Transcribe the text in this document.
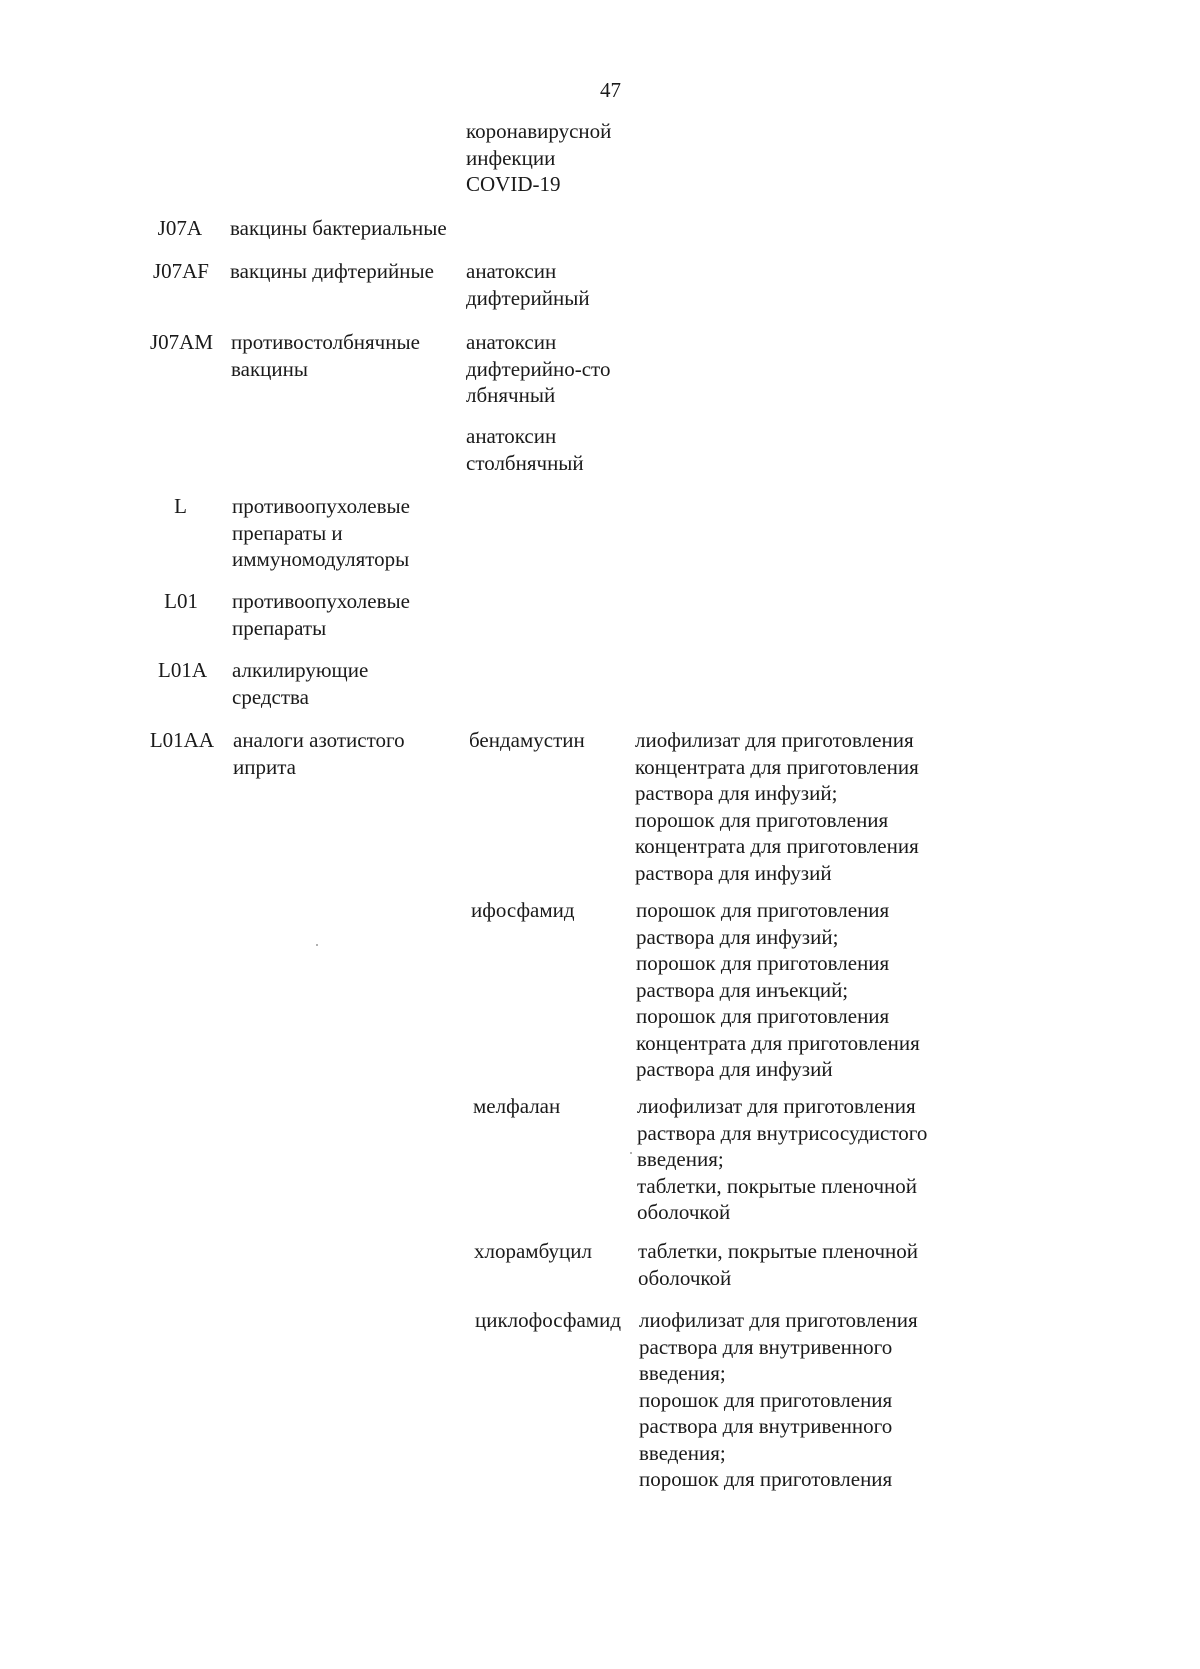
47
коронавирусной
инфекции
COVID-19
J07A вакцины бактериальные
J07AF вакцины дифтерийные анатоксин
дифтерийный
J07AM противостолбнячные
вакцины
анатоксин
дифтерийно-сто
лбнячный
анатоксин
столбнячный
L противоопухолевые
препараты и
иммуномодуляторы
L01 противоопухолевые
препараты
L01A алкилирующие
средства
L01AA аналоги азотистого
иприта
бендамустин лиофилизат для приготовления
концентрата для приготовления
раствора для инфузий;
порошок для приготовления
концентрата для приготовления
раствора для инфузий
ифосфамид	порошок для приготовления
раствора для инфузий;
порошок для приготовления
раствора для инъекций;
порошок для приготовления
концентрата для приготовления
раствора для инфузий
мелфалан	лиофилизат для приготовления
раствора для внутрисосудистого
введения;
таблетки, покрытые пленочной
оболочкой
хлорамбуцил таблетки, покрытые пленочной
оболочкой
циклофосфамид лиофилизат для приготовления
раствора для внутривенного
введения;
порошок для приготовления
раствора для внутривенного
введения;
порошок для приготовления
